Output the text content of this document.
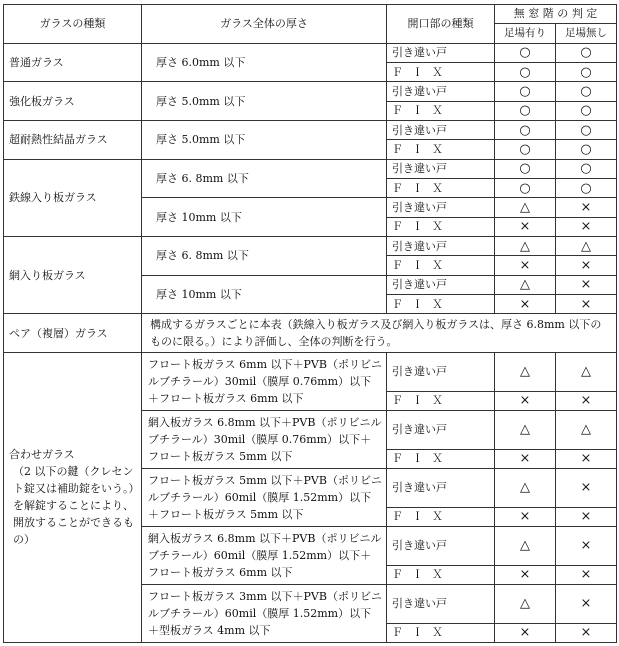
ガラスの種類	ガラス全体の厚さ	開口部の種類	無 窓 階 の 判 定	
			足場有り	足場無し
普通ガラス	厚さ 6.0mm 以下	引き違い戸	○	○
		ＦＩＸ	○	○
強化板ガラス	厚さ 5.0mm 以下	引き違い戸	○	○
		ＦＩＸ	○	○
超耐熱性結晶ガラス	厚さ 5.0mm 以下	引き違い戸	○	○
		ＦＩＸ	○	○
鉄線入り板ガラス	厚さ 6. 8mm 以下	引き違い戸	○	○
		ＦＩＸ	○	○
	厚さ 10mm 以下	引き違い戸	△	×
		ＦＩＸ	×	×
網入り板ガラス	厚さ 6. 8mm 以下	引き違い戸	△	△
		ＦＩＸ	×	×
	厚さ 10mm 以下	引き違い戸	△	×
		ＦＩＸ	×	×
ペア（複層）ガラス	構成するガラスごとに本表（鉄線入り板ガラス及び網入り板ガラスは、厚さ 6.8mm 以下のものに限る。）により評価し、全体の判断を行う。			
合わせガラス

（2 以下の鍵（クレセント錠又は補助錠をいう。）を解錠することにより、開放することができるもの）	フロート板ガラス 6mm 以下＋PVB（ポリビニルブチラール）30mil（膜厚 0.76mm）以下＋フロート板ガラス 6mm 以下	引き違い戸	△	△
		ＦＩＸ	×	×
	網入板ガラス 6.8mm 以下＋PVB（ポリビニルブチラール）30mil（膜厚 0.76mm）以下＋フロート板ガラス 5mm 以下	引き違い戸	△	△
		ＦＩＸ	×	×
	フロート板ガラス 5mm 以下＋PVB（ポリビニルブチラール）60mil（膜厚 1.52mm）以下＋フロート板ガラス 5mm 以下	引き違い戸	△	×
		ＦＩＸ	×	×
	網入板ガラス 6.8mm 以下＋PVB（ポリビニルブチラール）60mil（膜厚 1.52mm）以下＋フロート板ガラス 6mm 以下	引き違い戸	△	×
		ＦＩＸ	×	×
	フロート板ガラス 3mm 以下＋PVB（ポリビニルブチラール）60mil（膜厚 1.52mm）以下＋型板ガラス 4mm 以下	引き違い戸	△	×
		ＦＩＸ	×	×
